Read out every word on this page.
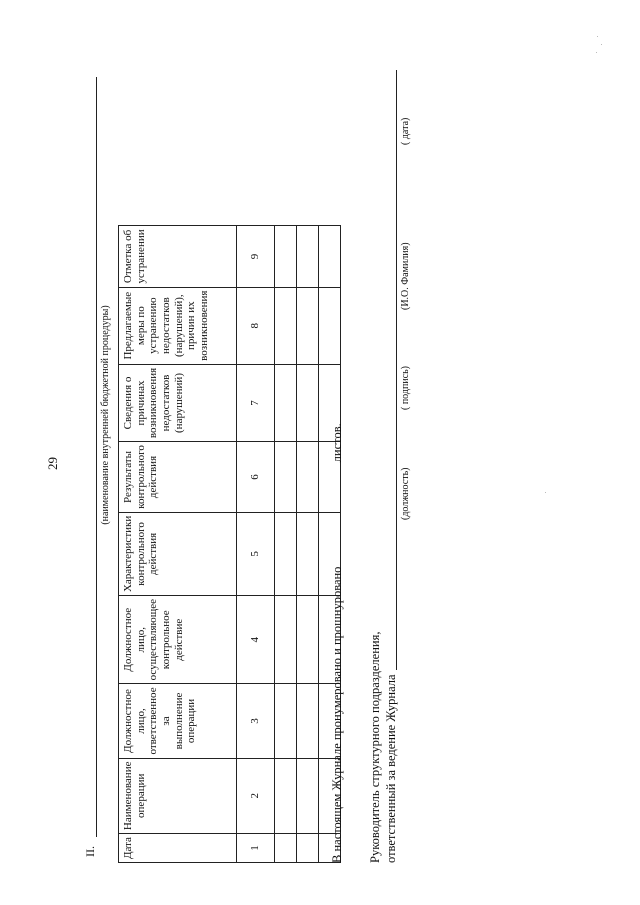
II.
(наименование внутренней бюджетной процедуры)
29
Дата	Наименование операции	Должностное лицо, ответственное за выполнение операции	Должностное лицо, осуществляющее контрольное действие	Характеристики контрольного действия	Результаты контрольного действия	Сведения о причинах возникновения недостатков (нарушений)	Предлагаемые меры по устранению недостатков (нарушений), причин их возникновения	Отметка об устранении
1	2	3	4	5	6	7	8	9

В настоящем Журнале пронумеровано и прошнуровано  листов.
Руководитель структурного подразделения, ответственный за ведение Журнала
(должность)
( подпись)
(И.О. Фамилия)
( дата)
